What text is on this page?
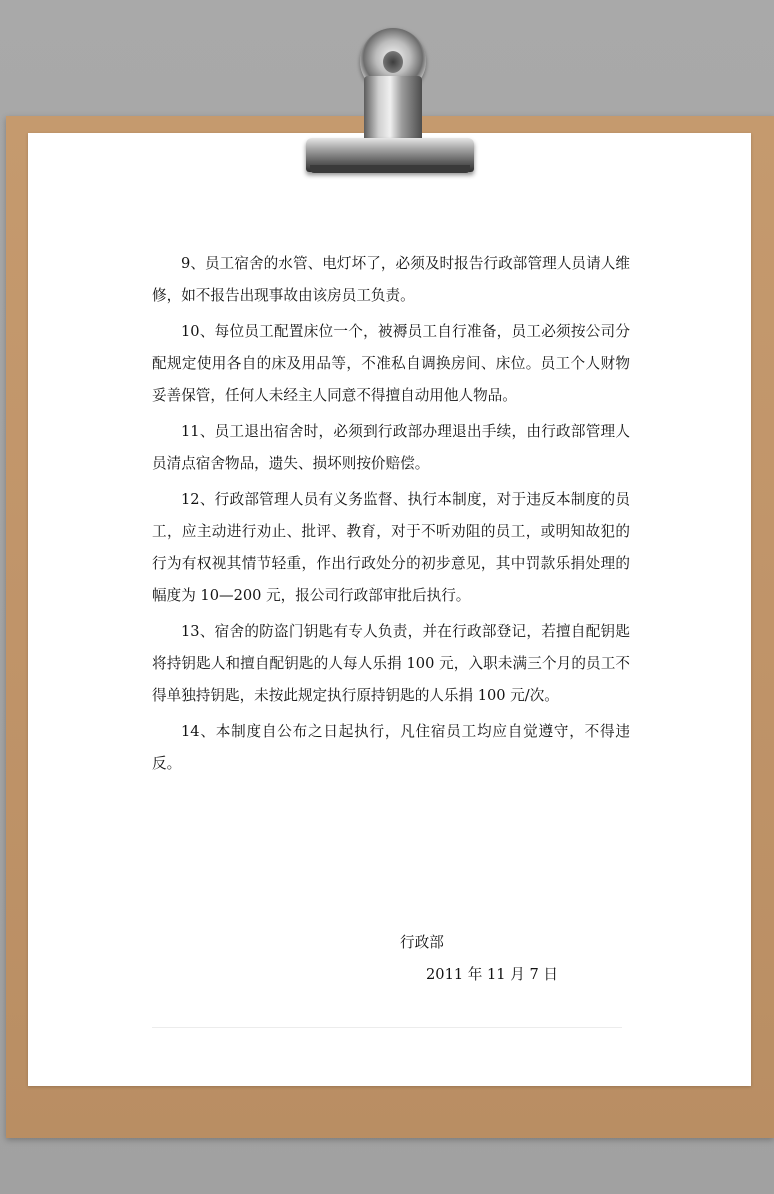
9、员工宿舍的水管、电灯坏了，必须及时报告行政部管理人员请人维修，如不报告出现事故由该房员工负责。

10、每位员工配置床位一个，被褥员工自行准备，员工必须按公司分配规定使用各自的床及用品等，不准私自调换房间、床位。员工个人财物妥善保管，任何人未经主人同意不得擅自动用他人物品。

11、员工退出宿舍时，必须到行政部办理退出手续，由行政部管理人员清点宿舍物品，遗失、损坏则按价赔偿。

12、行政部管理人员有义务监督、执行本制度，对于违反本制度的员工，应主动进行劝止、批评、教育，对于不听劝阻的员工，或明知故犯的行为有权视其情节轻重，作出行政处分的初步意见，其中罚款乐捐处理的幅度为 10—200 元，报公司行政部审批后执行。

13、宿舍的防盗门钥匙有专人负责，并在行政部登记，若擅自配钥匙将持钥匙人和擅自配钥匙的人每人乐捐 100 元，入职未满三个月的员工不得单独持钥匙，未按此规定执行原持钥匙的人乐捐 100 元/次。

14、本制度自公布之日起执行，凡住宿员工均应自觉遵守，不得违反。

行政部
2011 年 11 月 7 日
